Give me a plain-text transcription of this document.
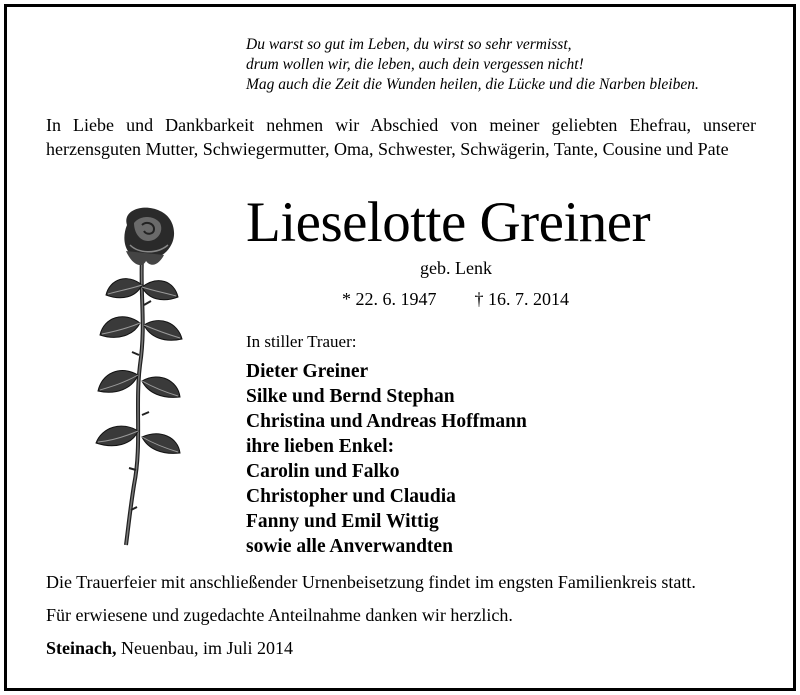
Du warst so gut im Leben, du wirst so sehr vermisst,
drum wollen wir, die leben, auch dein vergessen nicht!
Mag auch die Zeit die Wunden heilen, die Lücke und die Narben bleiben.
In Liebe und Dankbarkeit nehmen wir Abschied von meiner geliebten Ehefrau, unserer herzensguten Mutter, Schwiegermutter, Oma, Schwester, Schwägerin, Tante, Cousine und Pate
Lieselotte Greiner
geb. Lenk
* 22. 6. 1947 † 16. 7. 2014
In stiller Trauer:
Dieter Greiner
Silke und Bernd Stephan
Christina und Andreas Hoffmann
ihre lieben Enkel:
Carolin und Falko
Christopher und Claudia
Fanny und Emil Wittig
sowie alle Anverwandten
Die Trauerfeier mit anschließender Urnenbeisetzung findet im engsten Familienkreis statt.
Für erwiesene und zugedachte Anteilnahme danken wir herzlich.
Steinach, Neuenbau, im Juli 2014
